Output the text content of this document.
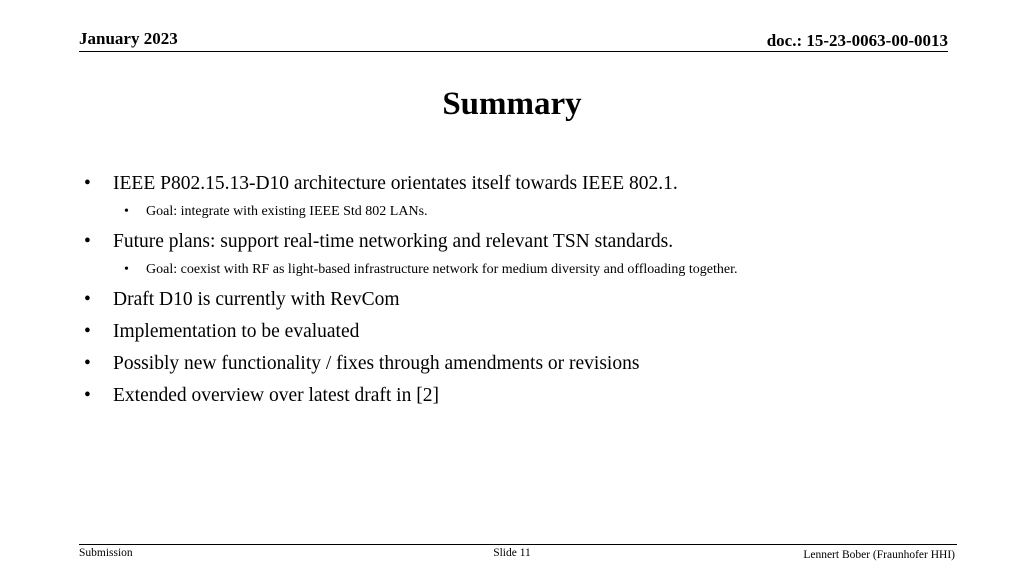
January 2023	doc.: 15-23-0063-00-0013
Summary
•	IEEE P802.15.13-D10 architecture orientates itself towards IEEE 802.1.
•	Goal: integrate with existing IEEE Std 802 LANs.
•	Future plans: support real-time networking and relevant TSN standards.
•	Goal: coexist with RF as light-based infrastructure network for medium diversity and offloading together.
•	Draft D10 is currently with RevCom
•	Implementation to be evaluated
•	Possibly new functionality / fixes through amendments or revisions
•	Extended overview over latest draft in [2]
Submission	Slide 11	Lennert Bober (Fraunhofer HHI)
